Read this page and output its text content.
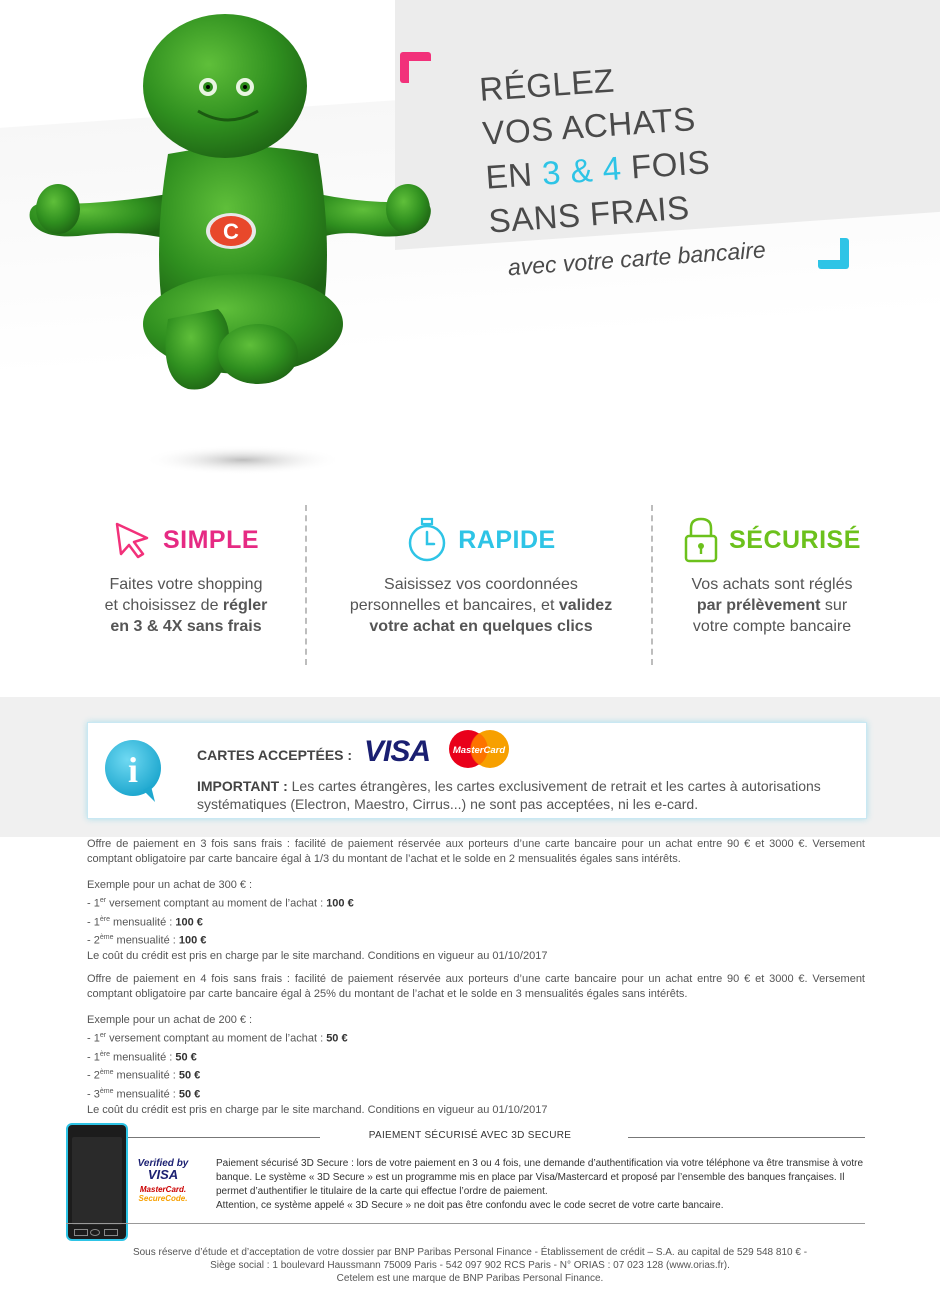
C
RÉGLEZ
VOS ACHATS
EN 3 & 4 FOIS
SANS FRAIS
avec votre carte bancaire
SIMPLE
Faites votre shopping
et choisissez de régler
en 3 & 4X sans frais
RAPIDE
Saisissez vos coordonnées
personnelles et bancaires, et validez
votre achat en quelques clics
SÉCURISÉ
Vos achats sont réglés
par prélèvement sur
votre compte bancaire
i	CARTES ACCEPTÉES : VISA MasterCard
IMPORTANT : Les cartes étrangères, les cartes exclusivement de retrait et les cartes à autorisations systématiques (Electron, Maestro, Cirrus...) ne sont pas acceptées, ni les e-card.
Offre de paiement en 3 fois sans frais : facilité de paiement réservée aux porteurs d’une carte bancaire pour un achat entre 90 € et 3000 €. Versement comptant obligatoire par carte bancaire égal à 1/3 du montant de l’achat et le solde en 2 mensualités égales sans intérêts.
Exemple pour un achat de 300 € :
- 1er versement comptant au moment de l’achat : 100 €
- 1ère mensualité : 100 €
- 2ème mensualité : 100 €
Le coût du crédit est pris en charge par le site marchand. Conditions en vigueur au 01/10/2017
Offre de paiement en 4 fois sans frais : facilité de paiement réservée aux porteurs d’une carte bancaire pour un achat entre 90 € et 3000 €. Versement comptant obligatoire par carte bancaire égal à 25% du montant de l’achat et le solde en 3 mensualités égales sans intérêts.
Exemple pour un achat de 200 € :
- 1er versement comptant au moment de l’achat : 50 €
- 1ère mensualité : 50 €
- 2ème mensualité : 50 €
- 3ème mensualité : 50 €
Le coût du crédit est pris en charge par le site marchand. Conditions en vigueur au 01/10/2017
PAIEMENT SÉCURISÉ AVEC 3D SECURE
Verified by
VISA
MasterCard.
SecureCode.
Paiement sécurisé 3D Secure : lors de votre paiement en 3 ou 4 fois, une demande d’authentification via votre téléphone va être transmise à votre banque. Le système « 3D Secure » est un programme mis en place par Visa/Mastercard et proposé par l’ensemble des banques françaises. Il permet d’authentifier le titulaire de la carte qui effectue l’ordre de paiement.
Attention, ce système appelé « 3D Secure » ne doit pas être confondu avec le code secret de votre carte bancaire.
Sous réserve d’étude et d’acceptation de votre dossier par BNP Paribas Personal Finance - Établissement de crédit – S.A. au capital de 529 548 810 € -
Siège social : 1 boulevard Haussmann 75009 Paris - 542 097 902 RCS Paris - N° ORIAS : 07 023 128 (www.orias.fr).
Cetelem est une marque de BNP Paribas Personal Finance.
